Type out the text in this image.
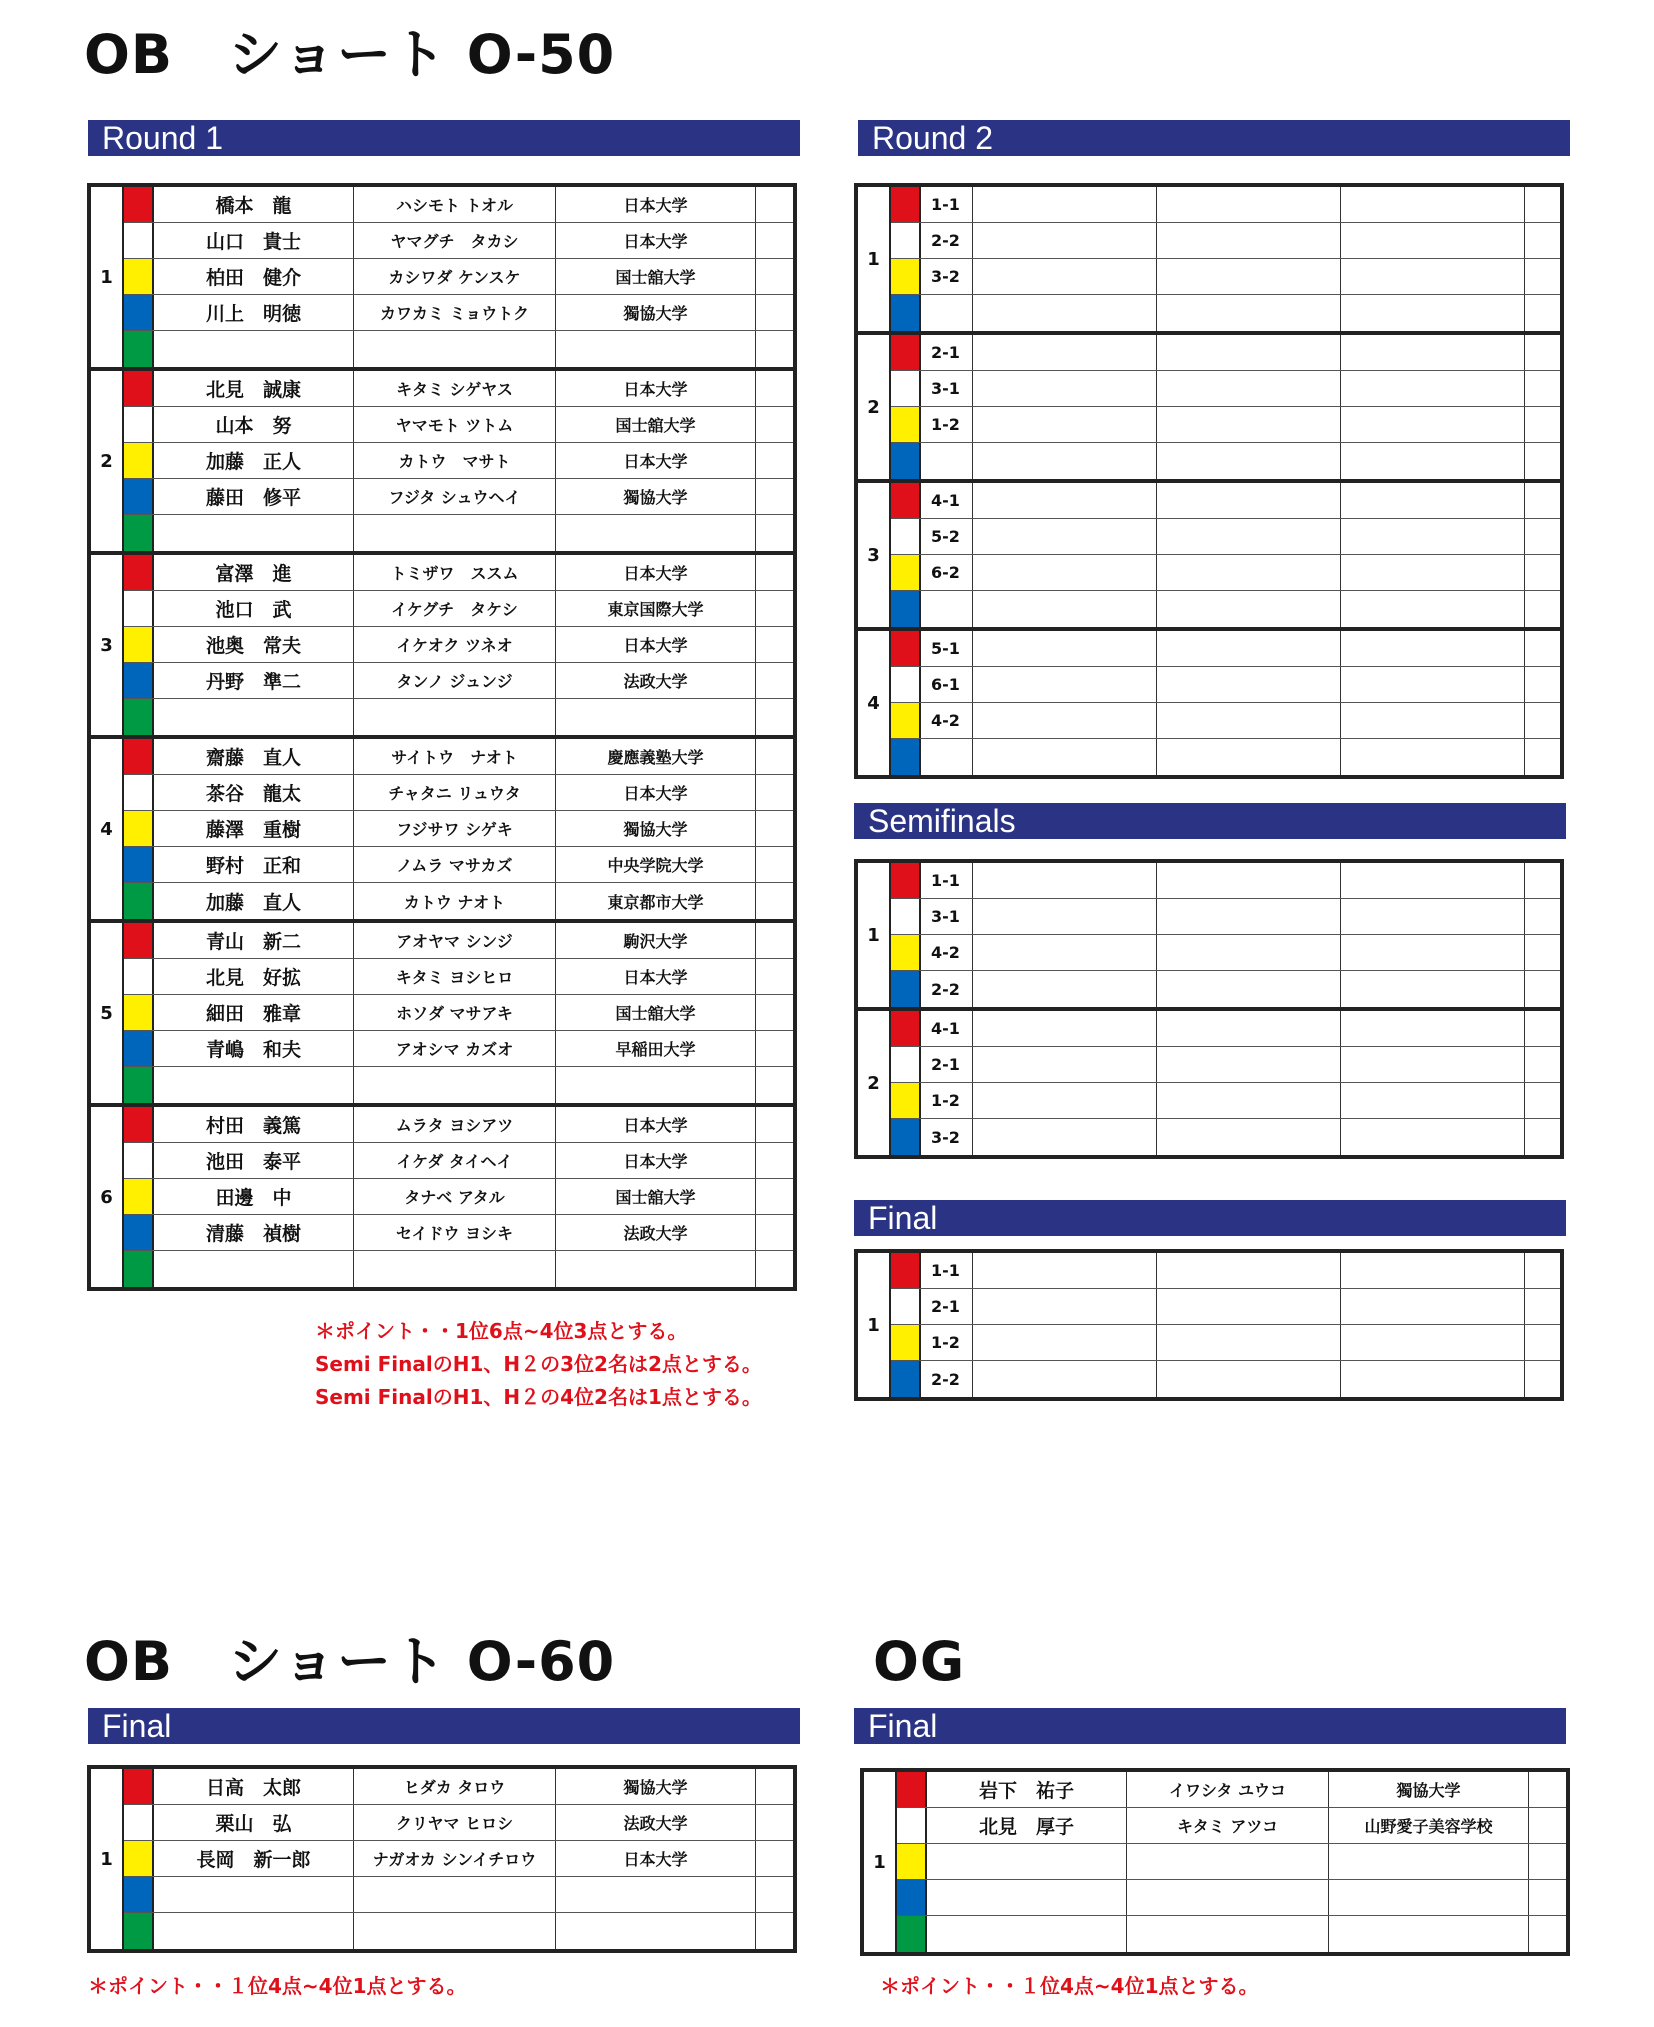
OB　ショート O-50
Round 1
1
橋本　龍	ハシモト トオル	日本大学
山口　貴士	ヤマグチ　タカシ	日本大学
柏田　健介	カシワダ ケンスケ	国士舘大学
川上　明徳	カワカミ ミョウトク	獨協大学
2
北見　誠康	キタミ シゲヤス	日本大学
山本　努	ヤマモト ツトム	国士舘大学
加藤　正人	カトウ　マサト	日本大学
藤田　修平	フジタ シュウヘイ	獨協大学
3
富澤　進	トミザワ　ススム	日本大学
池口　武	イケグチ　タケシ	東京国際大学
池奥　常夫	イケオク ツネオ	日本大学
丹野　準二	タンノ ジュンジ	法政大学
4
齋藤　直人	サイトウ　ナオト	慶應義塾大学
茶谷　龍太	チャタニ リュウタ	日本大学
藤澤　重樹	フジサワ シゲキ	獨協大学
野村　正和	ノムラ マサカズ	中央学院大学
加藤　直人	カトウ ナオト	東京都市大学
5
青山　新二	アオヤマ シンジ	駒沢大学
北見　好拡	キタミ ヨシヒロ	日本大学
細田　雅章	ホソダ マサアキ	国士舘大学
青嶋　和夫	アオシマ カズオ	早稲田大学
6
村田　義篤	ムラタ ヨシアツ	日本大学
池田　泰平	イケダ タイヘイ	日本大学
田邊　中	タナベ アタル	国士舘大学
清藤　禎樹	セイドウ ヨシキ	法政大学
Round 2
1
1-1
2-2
3-2
2
2-1
3-1
1-2
3
4-1
5-2
6-2
4
5-1
6-1
4-2
Semifinals
1
1-1
3-1
4-2
2-2
2
4-1
2-1
1-2
3-2
Final
1
1-1
2-1
1-2
2-2
＊ポイント・・1位6点~4位3点とする。
Semi FinalのH1、H２の3位2名は2点とする。
Semi FinalのH1、H２の4位2名は1点とする。
OB　ショート O-60
Final
1
日高　太郎	ヒダカ タロウ	獨協大学
栗山　弘	クリヤマ ヒロシ	法政大学
長岡　新一郎	ナガオカ シンイチロウ	日本大学
＊ポイント・・１位4点~4位1点とする。
OG
Final
1
岩下　祐子	イワシタ ユウコ	獨協大学
北見　厚子	キタミ アツコ	山野愛子美容学校
＊ポイント・・１位4点~4位1点とする。
